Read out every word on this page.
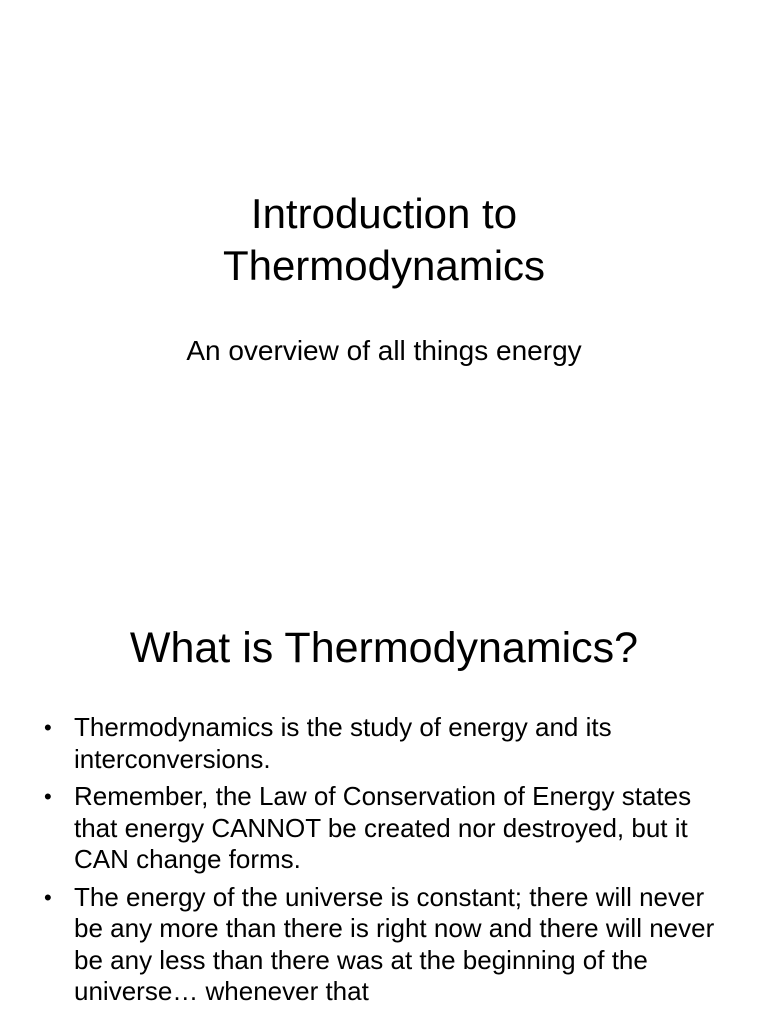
Introduction to
Thermodynamics

An overview of all things energy

What is Thermodynamics?
• Thermodynamics is the study of energy and its interconversions.
• Remember, the Law of Conservation of Energy states that energy CANNOT be created nor destroyed, but it CAN change forms.
• The energy of the universe is constant; there will never be any more than there is right now and there will never be any less than there was at the beginning of the universe… whenever that
